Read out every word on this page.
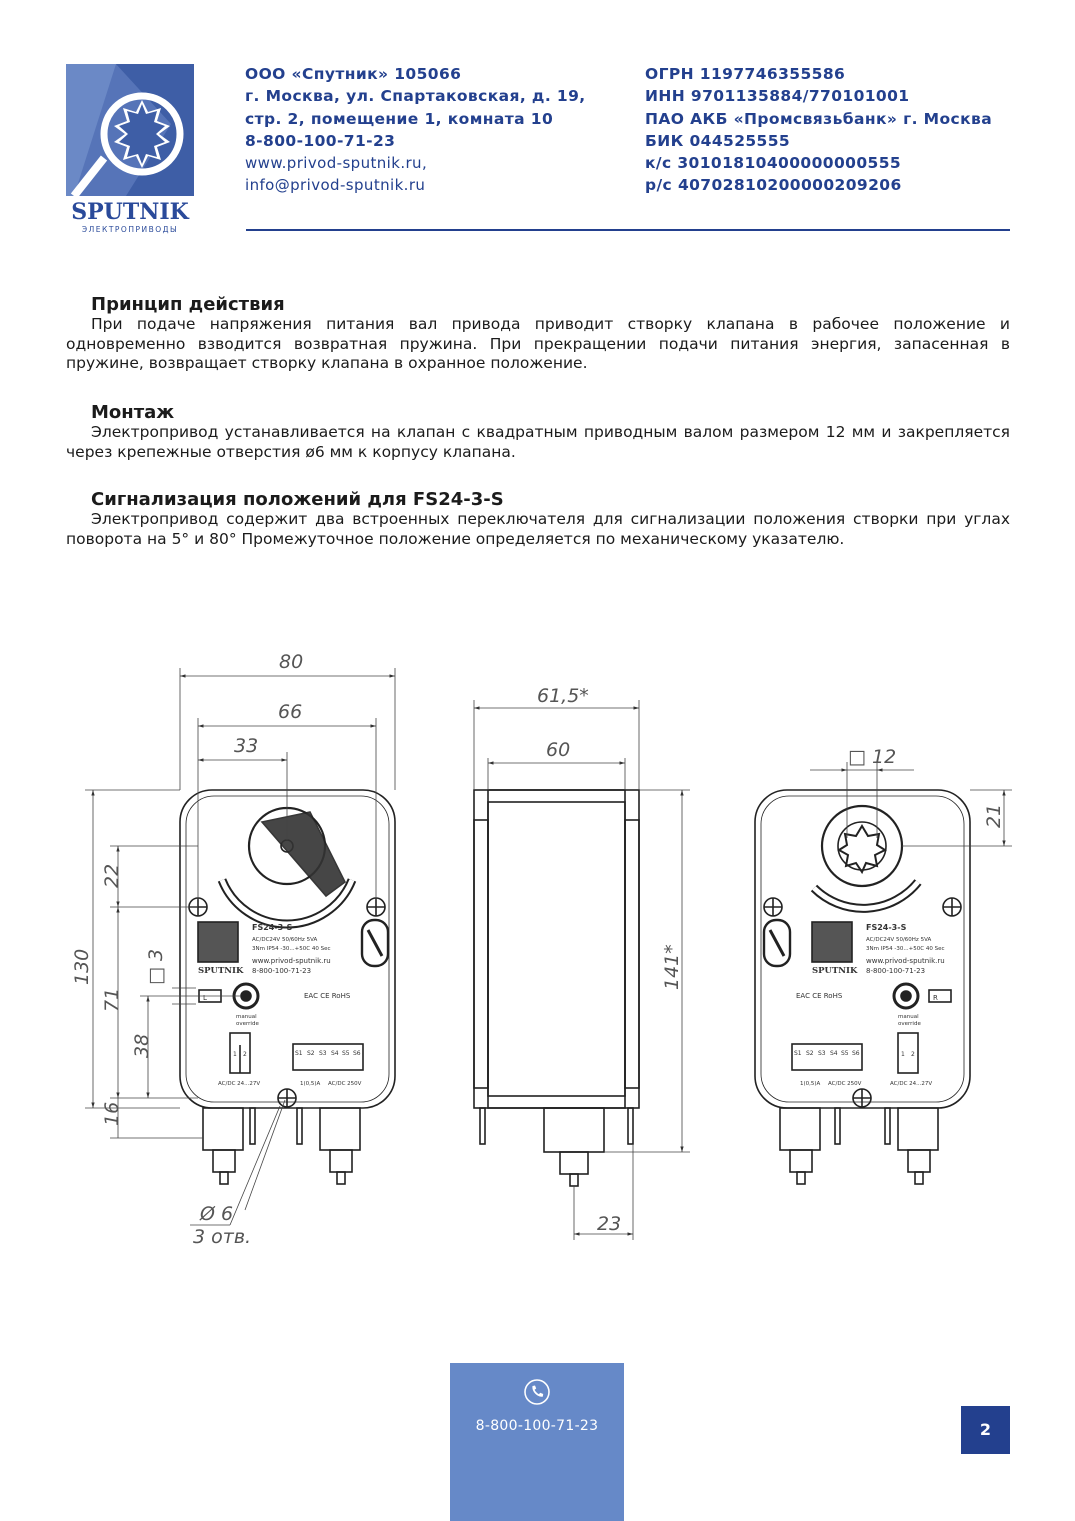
SPUTNIK
ЭЛЕКТРОПРИВОДЫ
ООО «Спутник» 105066
г. Москва, ул. Спартаковская, д. 19,
стр. 2, помещение 1, комната 10
8-800-100-71-23
www.privod-sputnik.ru,
info@privod-sputnik.ru
ОГРН 1197746355586
ИНН 9701135884/770101001
ПАО АКБ «Промсвязьбанк» г. Москва
БИК 044525555
к/с 30101810400000000555
р/с 40702810200000209206
Принцип действия

При подаче напряжения питания вал привода приводит створку клапана в рабочее положение и одновременно взводится возвратная пружина. При прекращении подачи питания энергия, запасенная в пружине, возвращает створку клапана в охранное положение.

Монтаж

Электропривод устанавливается на клапан с квадратным приводным валом размером 12 мм и закрепляется через крепежные отверстия ø6 мм к корпусу клапана.

Сигнализация положений для FS24-3-S

Электропривод содержит два встроенных переключателя для сигнализации положения створки при углах поворота на 5° и 80° Промежуточное положение определяется по механическому указателю.

FS24-3-S
AC/DC24V 50/60Hz 5VA
3Nm IP54 -30...+50С 40 Sec
www.privod-sputnik.ru
8-800-100-71-23
SPUTNIK
EAC CE RoHS
L
manual
override
1 2	S1 S2 S3 S4 S5 S6
AC/DC 24...27V	1(0,5)A AC/DC 250V
80
66
33
130
22
□ 3
71
38
16
Ø 6
3 отв.
61,5*
60
141*
23
FS24-3-S
AC/DC24V 50/60Hz 5VA
3Nm IP54 -30...+50С 40 Sec
www.privod-sputnik.ru
8-800-100-71-23
SPUTNIK
EAC CE RoHS	R
manual
override
1 2
S1 S2 S3 S4 S5 S6
1(0,5)A AC/DC 250V	AC/DC 24...27V
□ 12
21
8-800-100-71-23	2
